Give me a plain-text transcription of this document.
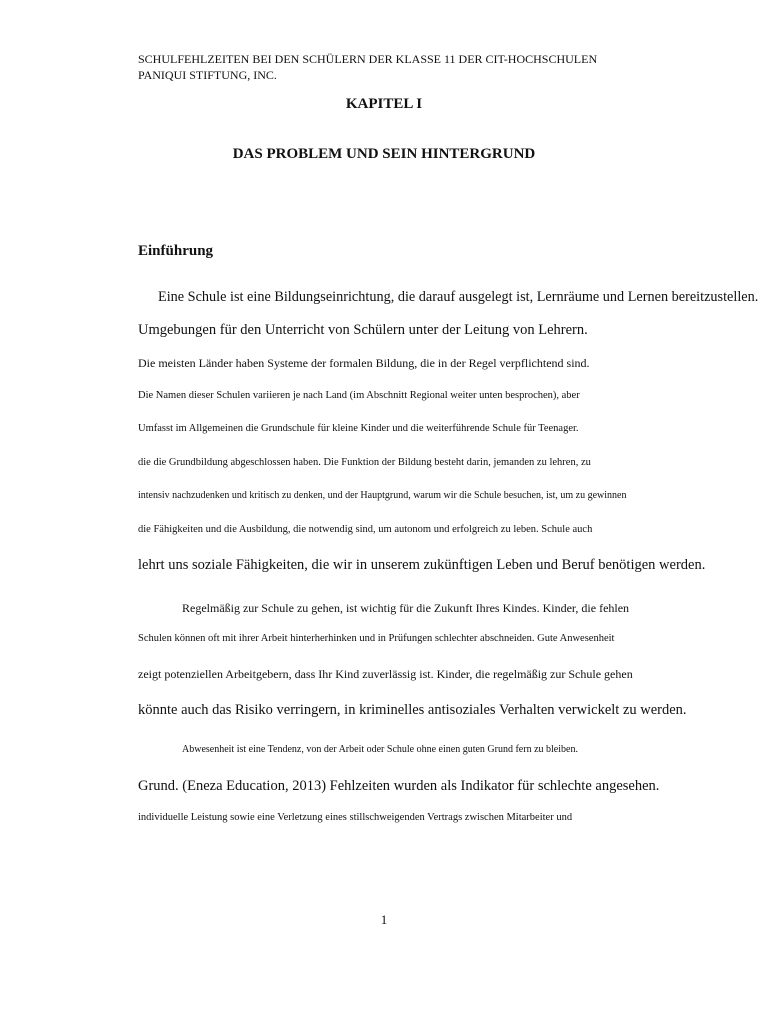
SCHULFEHLZEITEN BEI DEN SCHÜLERN DER KLASSE 11 DER CIT-HOCHSCHULEN
PANIQUI STIFTUNG, INC.
KAPITEL I
DAS PROBLEM UND SEIN HINTERGRUND
Einführung
Eine Schule ist eine Bildungseinrichtung, die darauf ausgelegt ist, Lernräume und Lernen bereitzustellen.
Umgebungen für den Unterricht von Schülern unter der Leitung von Lehrern.
Die meisten Länder haben Systeme der formalen Bildung, die in der Regel verpflichtend sind.
Die Namen dieser Schulen variieren je nach Land (im Abschnitt Regional weiter unten besprochen), aber
Umfasst im Allgemeinen die Grundschule für kleine Kinder und die weiterführende Schule für Teenager.
die die Grundbildung abgeschlossen haben. Die Funktion der Bildung besteht darin, jemanden zu lehren, zu
intensiv nachzudenken und kritisch zu denken, und der Hauptgrund, warum wir die Schule besuchen, ist, um zu gewinnen
die Fähigkeiten und die Ausbildung, die notwendig sind, um autonom und erfolgreich zu leben. Schule auch
lehrt uns soziale Fähigkeiten, die wir in unserem zukünftigen Leben und Beruf benötigen werden.
Regelmäßig zur Schule zu gehen, ist wichtig für die Zukunft Ihres Kindes. Kinder, die fehlen
Schulen können oft mit ihrer Arbeit hinterherhinken und in Prüfungen schlechter abschneiden. Gute Anwesenheit
zeigt potenziellen Arbeitgebern, dass Ihr Kind zuverlässig ist. Kinder, die regelmäßig zur Schule gehen
könnte auch das Risiko verringern, in kriminelles antisoziales Verhalten verwickelt zu werden.
Abwesenheit ist eine Tendenz, von der Arbeit oder Schule ohne einen guten Grund fern zu bleiben.
Grund. (Eneza Education, 2013) Fehlzeiten wurden als Indikator für schlechte angesehen.
individuelle Leistung sowie eine Verletzung eines stillschweigenden Vertrags zwischen Mitarbeiter und
1
